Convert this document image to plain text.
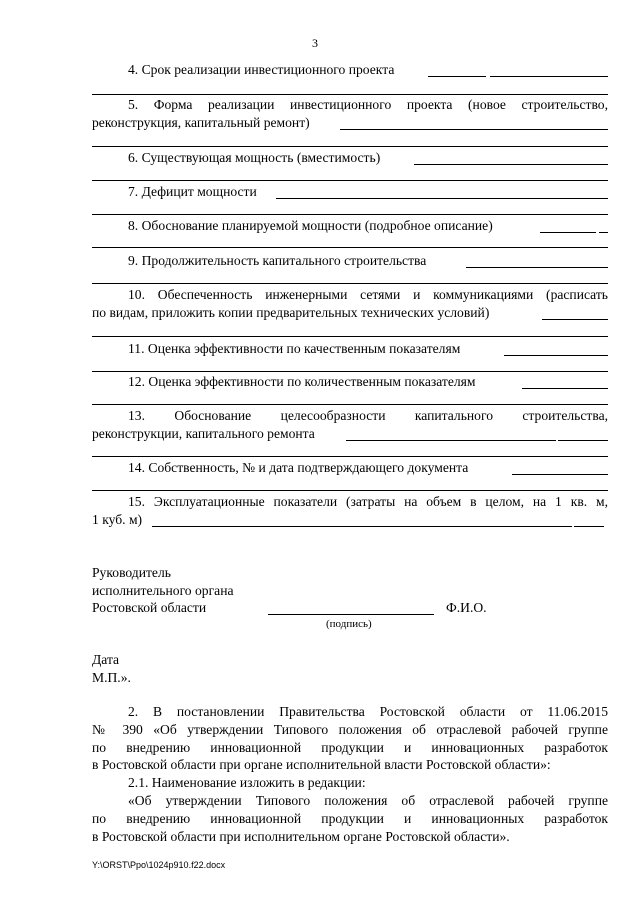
3
4. Срок реализации инвестиционного проекта
5. Форма реализации инвестиционного проекта (новое строительство,
реконструкция, капитальный ремонт)
6. Существующая мощность (вместимость)
7. Дефицит мощности
8. Обоснование планируемой мощности (подробное описание)
9. Продолжительность капитального строительства
10. Обеспеченность инженерными сетями и коммуникациями (расписать
по видам, приложить копии предварительных технических условий)
11. Оценка эффективности по качественным показателям
12. Оценка эффективности по количественным показателям
13. Обоснование целесообразности капитального строительства,
реконструкции, капитального ремонта
14. Собственность, № и дата подтверждающего документа
15. Эксплуатационные показатели (затраты на объем в целом, на 1 кв. м,
1 куб. м)
Руководитель
исполнительного органа
Ростовской области	Ф.И.О.
(подпись)
Дата
М.П.».
2. В постановлении Правительства Ростовской области от 11.06.2015
№ 390 «Об утверждении Типового положения об отраслевой рабочей группе
по внедрению инновационной продукции и инновационных разработок
в Ростовской области при органе исполнительной власти Ростовской области»:
2.1. Наименование изложить в редакции:
«Об утверждении Типового положения об отраслевой рабочей группе
по внедрению инновационной продукции и инновационных разработок
в Ростовской области при исполнительном органе Ростовской области».
Y:\ORST\Ppo\1024p910.f22.docx
